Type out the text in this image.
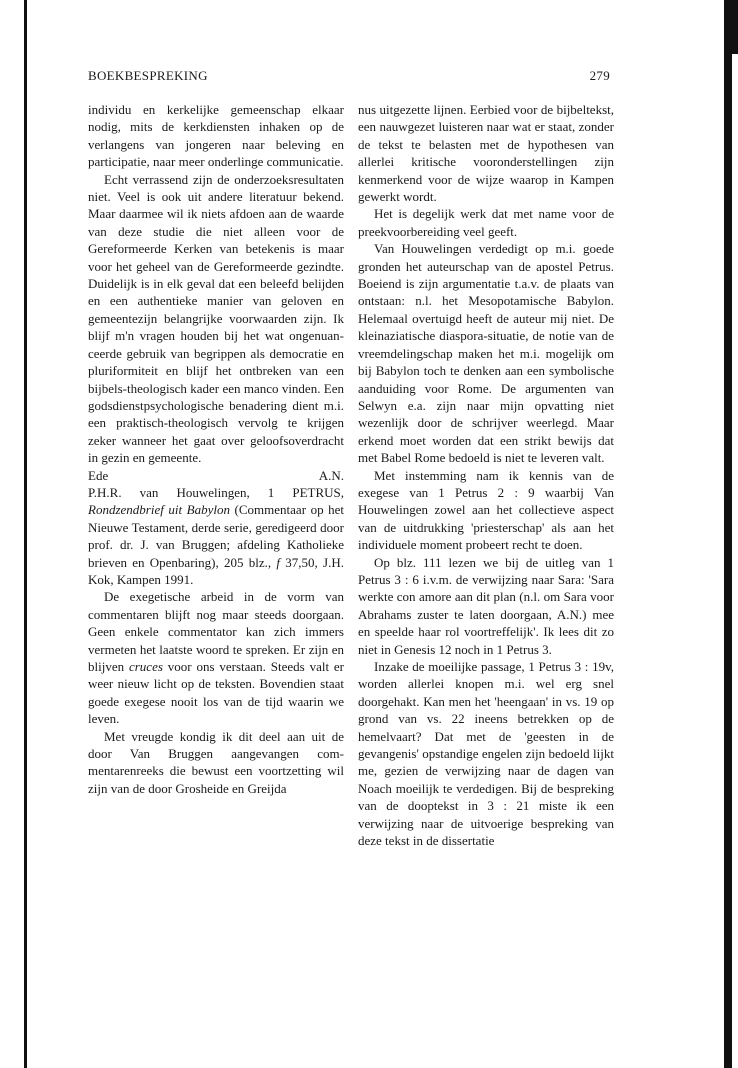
BOEKBESPREKING	279

individu en kerkelijke gemeenschap elkaar nodig, mits de kerkdiensten inhaken op de verlangens van jongeren naar beleving en participatie, naar meer onderlinge communicatie.

Echt verrassend zijn de onderzoeksresultaten niet. Veel is ook uit andere literatuur bekend. Maar daarmee wil ik niets afdoen aan de waarde van deze studie die niet alleen voor de Gereformeerde Kerken van betekenis is maar voor het geheel van de Gereformeerde gezindte. Duidelijk is in elk geval dat een beleefd belijden en een authentieke manier van geloven en gemeentezijn belangrijke voorwaarden zijn. Ik blijf m'n vragen houden bij het wat ongenuanceerde gebruik van begrippen als democratie en pluriformiteit en blijf het ontbreken van een bijbels-theologisch kader een manco vinden. Een godsdienstpsychologische benadering dient m.i. een praktisch-theologisch vervolg te krijgen zeker wanneer het gaat over geloofsoverdracht in gezin en gemeente.

Ede	A.N.

P.H.R. van Houwelingen, 1 PETRUS, Rondzendbrief uit Babylon (Commentaar op het Nieuwe Testament, derde serie, geredigeerd door prof. dr. J. van Bruggen; afdeling Katholieke brieven en Openbaring), 205 blz., f 37,50, J.H. Kok, Kampen 1991.

De exegetische arbeid in de vorm van commentaren blijft nog maar steeds doorgaan. Geen enkele commentator kan zich immers vermeten het laatste woord te spreken. Er zijn en blijven cruces voor ons verstaan. Steeds valt er weer nieuw licht op de teksten. Bovendien staat goede exegese nooit los van de tijd waarin we leven.

Met vreugde kondig ik dit deel aan uit de door Van Bruggen aangevangen commentarenreeks die bewust een voortzetting wil zijn van de door Grosheide en Greijda

nus uitgezette lijnen. Eerbied voor de bijbeltekst, een nauwgezet luisteren naar wat er staat, zonder de tekst te belasten met de hypothesen van allerlei kritische vooronderstellingen zijn kenmerkend voor de wijze waarop in Kampen gewerkt wordt.

Het is degelijk werk dat met name voor de preekvoorbereiding veel geeft.

Van Houwelingen verdedigt op m.i. goede gronden het auteurschap van de apostel Petrus. Boeiend is zijn argumentatie t.a.v. de plaats van ontstaan: n.l. het Mesopotamische Babylon. Helemaal overtuigd heeft de auteur mij niet. De kleinaziatische diaspora-situatie, de notie van de vreemdelingschap maken het m.i. mogelijk om bij Babylon toch te denken aan een symbolische aanduiding voor Rome. De argumenten van Selwyn e.a. zijn naar mijn opvatting niet wezenlijk door de schrijver weerlegd. Maar erkend moet worden dat een strikt bewijs dat met Babel Rome bedoeld is niet te leveren valt.

Met instemming nam ik kennis van de exegese van 1 Petrus 2 : 9 waarbij Van Houwelingen zowel aan het collectieve aspect van de uitdrukking 'priesterschap' als aan het individuele moment probeert recht te doen.

Op blz. 111 lezen we bij de uitleg van 1 Petrus 3 : 6 i.v.m. de verwijzing naar Sara: 'Sara werkte con amore aan dit plan (n.l. om Sara voor Abrahams zuster te laten doorgaan, A.N.) mee en speelde haar rol voortreffelijk'. Ik lees dit zo niet in Genesis 12 noch in 1 Petrus 3.

Inzake de moeilijke passage, 1 Petrus 3 : 19v, worden allerlei knopen m.i. wel erg snel doorgehakt. Kan men het 'heengaan' in vs. 19 op grond van vs. 22 ineens betrekken op de hemelvaart? Dat met de 'geesten in de gevangenis' opstandige engelen zijn bedoeld lijkt me, gezien de verwijzing naar de dagen van Noach moeilijk te verdedigen. Bij de bespreking van de dooptekst in 3 : 21 miste ik een verwijzing naar de uitvoerige bespreking van deze tekst in de dissertatie
